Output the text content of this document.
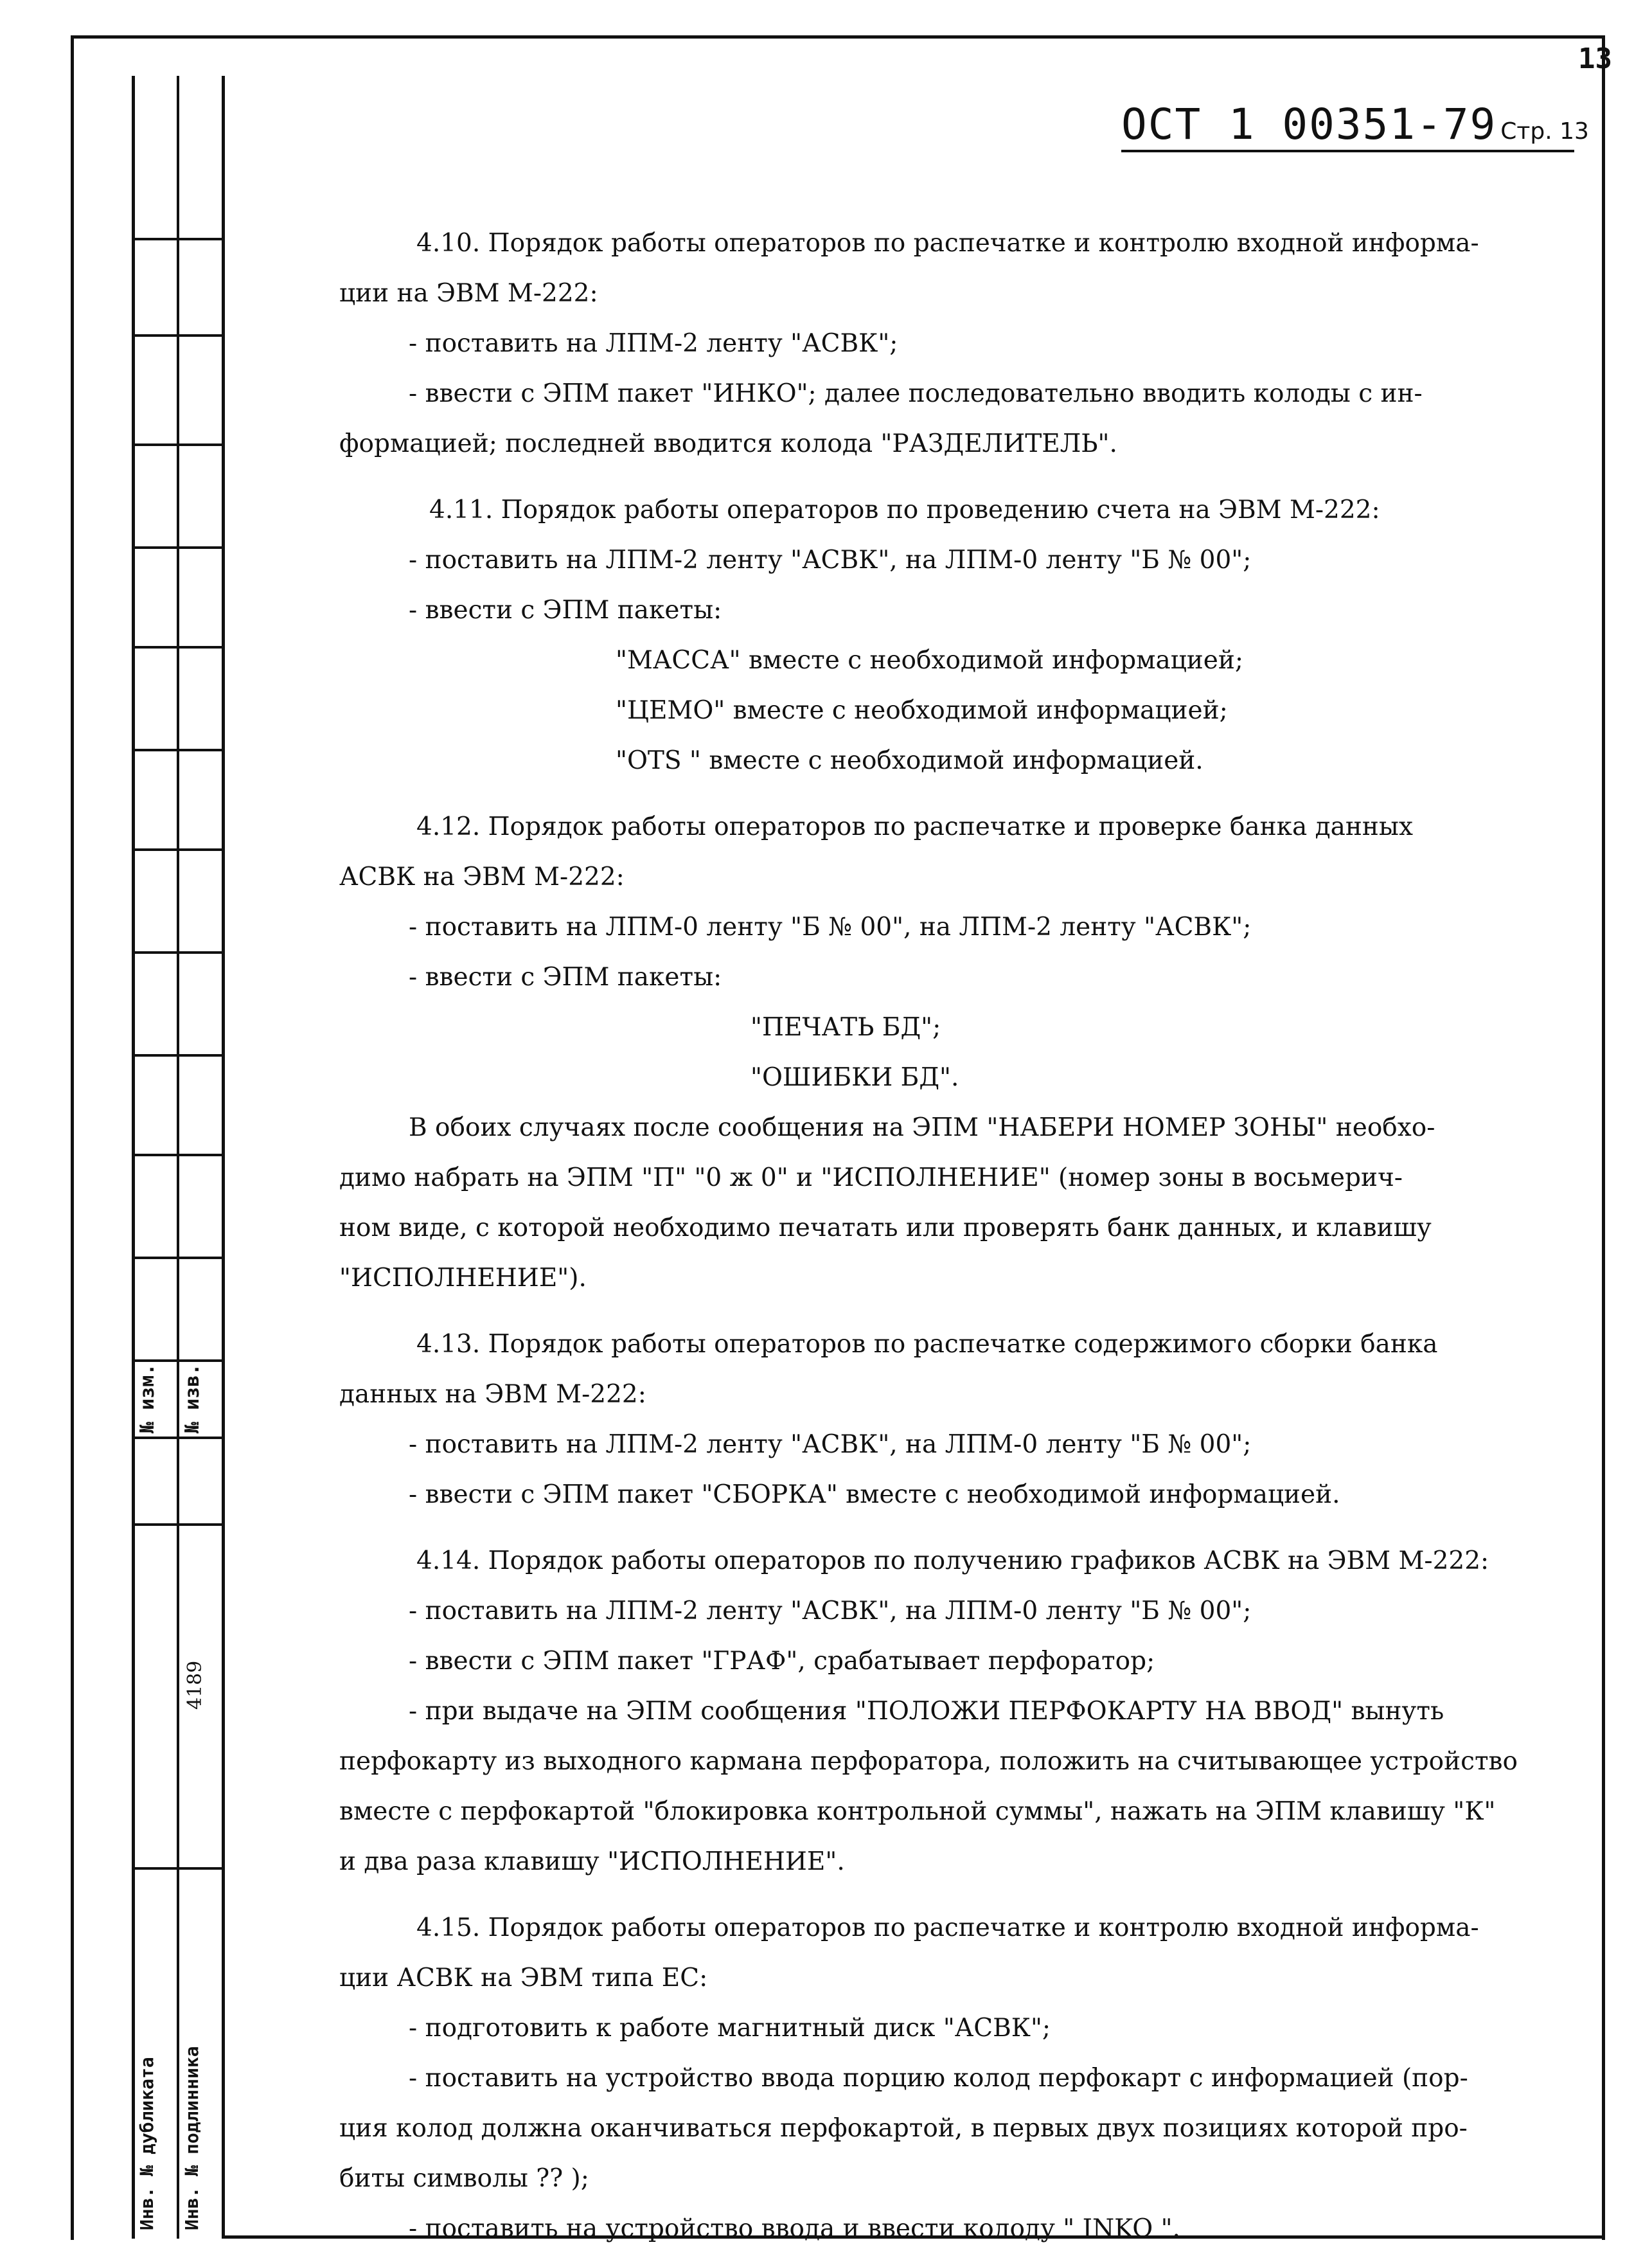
13
№ изм. № изв.
4189
Инв. № дубликата Инв. № подлинника
ОСТ 1 00351-79 Стр. 13
4.10. Порядок работы операторов по распечатке и контролю входной информа-
ции на ЭВМ М-222:
- поставить на ЛПМ-2 ленту "АСВК";
- ввести с ЭПМ пакет "ИНКО"; далее последовательно вводить колоды с ин-
формацией; последней вводится колода "РАЗДЕЛИТЕЛЬ".
4.11. Порядок работы операторов по проведению счета на ЭВМ М-222:
- поставить на ЛПМ-2 ленту "АСВК", на ЛПМ-0 ленту "Б № 00";
- ввести с ЭПМ пакеты:
"МАССА" вместе с необходимой информацией;
"ЦЕМО" вместе с необходимой информацией;
"OTS " вместе с необходимой информацией.
4.12. Порядок работы операторов по распечатке и проверке банка данных
АСВК на ЭВМ М-222:
- поставить на ЛПМ-0 ленту "Б № 00", на ЛПМ-2 ленту "АСВК";
- ввести с ЭПМ пакеты:
"ПЕЧАТЬ БД";
"ОШИБКИ БД".
В обоих случаях после сообщения на ЭПМ "НАБЕРИ НОМЕР ЗОНЫ" необхо-
димо набрать на ЭПМ "П" "0 ж 0" и "ИСПОЛНЕНИЕ" (номер зоны в восьмерич-
ном виде, с которой необходимо печатать или проверять банк данных, и клавишу
"ИСПОЛНЕНИЕ").
4.13. Порядок работы операторов по распечатке содержимого сборки банка
данных на ЭВМ М-222:
- поставить на ЛПМ-2 ленту "АСВК", на ЛПМ-0 ленту "Б № 00";
- ввести с ЭПМ пакет "СБОРКА" вместе с необходимой информацией.
4.14. Порядок работы операторов по получению графиков АСВК на ЭВМ М-222:
- поставить на ЛПМ-2 ленту "АСВК", на ЛПМ-0 ленту "Б № 00";
- ввести с ЭПМ пакет "ГРАФ", срабатывает перфоратор;
- при выдаче на ЭПМ сообщения "ПОЛОЖИ ПЕРФОКАРТУ НА ВВОД" вынуть
перфокарту из выходного кармана перфоратора, положить на считывающее устройство
вместе с перфокартой "блокировка контрольной суммы", нажать на ЭПМ клавишу "К"
и два раза клавишу "ИСПОЛНЕНИЕ".
4.15. Порядок работы операторов по распечатке и контролю входной информа-
ции АСВК на ЭВМ типа ЕС:
- подготовить к работе магнитный диск "АСВК";
- поставить на устройство ввода порцию колод перфокарт с информацией (пор-
ция колод должна оканчиваться перфокартой, в первых двух позициях которой про-
биты символы ?? );
- поставить на устройство ввода и ввести колоду " INKO ".
